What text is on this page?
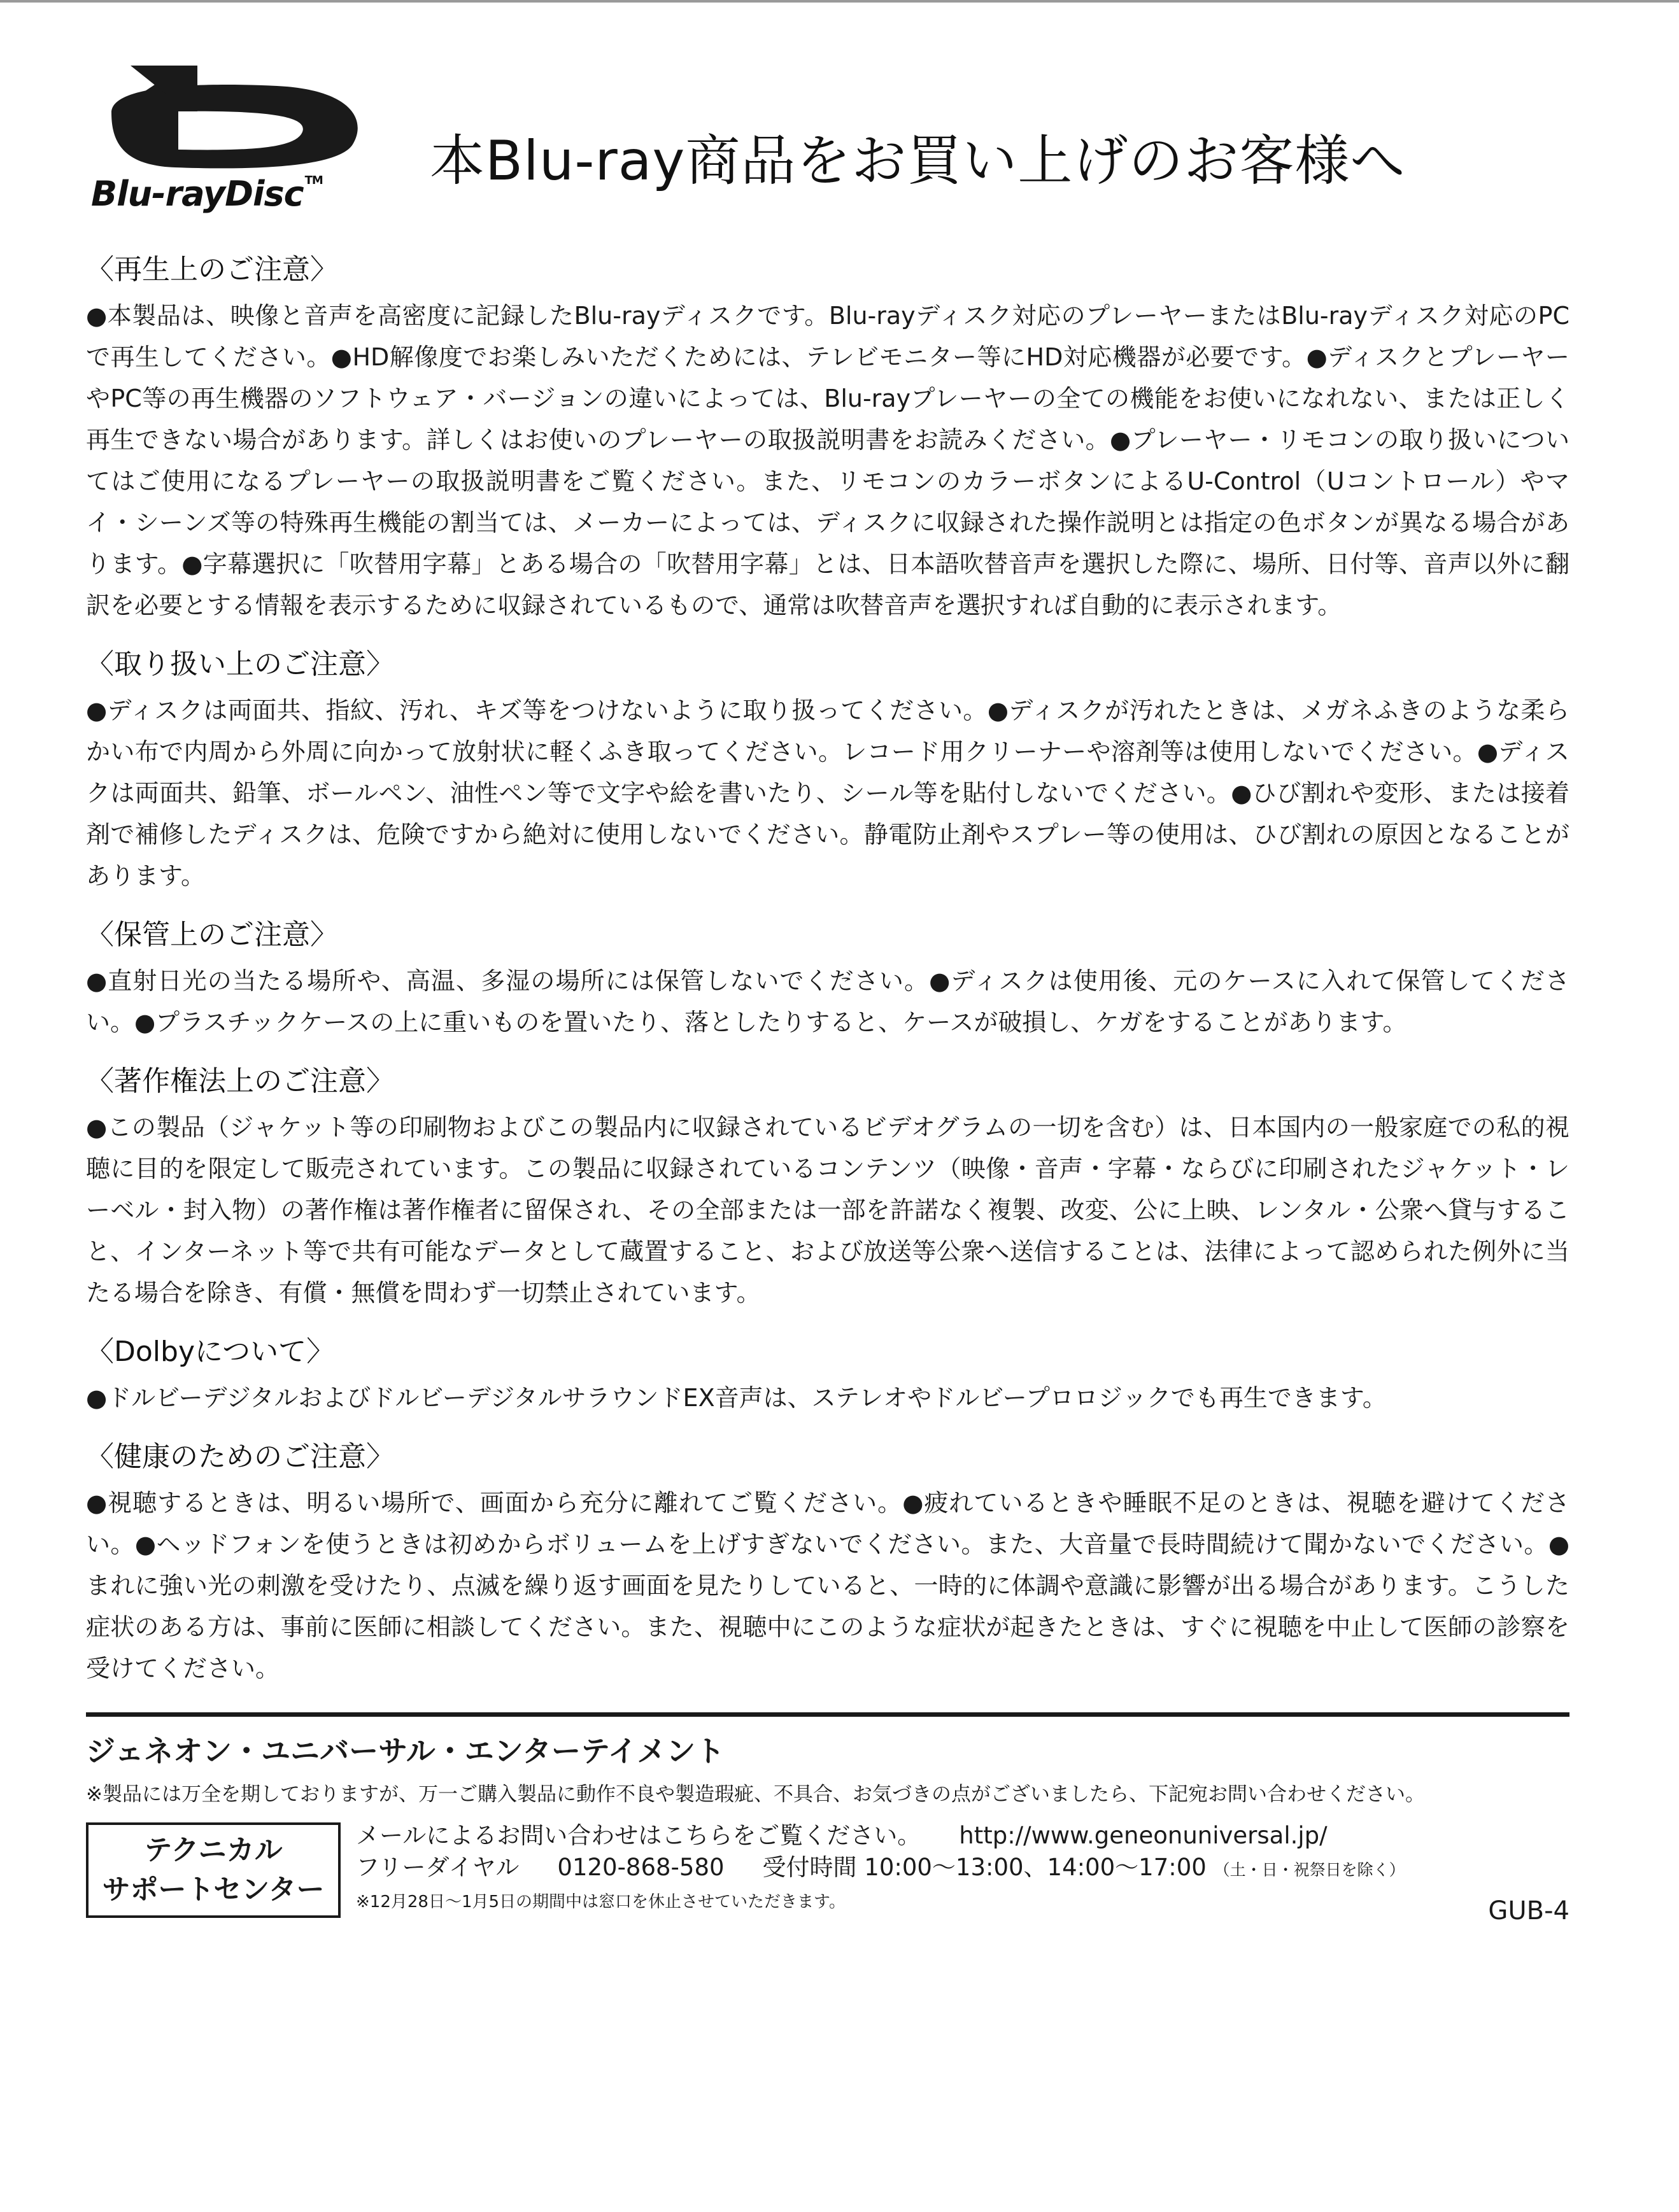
Blu-rayDisc ™ 本Blu-ray商品をお買い上げのお客様へ
〈再生上のご注意〉

●本製品は、映像と音声を高密度に記録したBlu-rayディスクです。Blu-rayディスク対応のプレーヤーまたはBlu-rayディスク対応のPCで再生してください。●HD解像度でお楽しみいただくためには、テレビモニター等にHD対応機器が必要です。●ディスクとプレーヤーやPC等の再生機器のソフトウェア・バージョンの違いによっては、Blu-rayプレーヤーの全ての機能をお使いになれない、または正しく再生できない場合があります。詳しくはお使いのプレーヤーの取扱説明書をお読みください。●プレーヤー・リモコンの取り扱いについてはご使用になるプレーヤーの取扱説明書をご覧ください。また、リモコンのカラーボタンによるU-Control（Uコントロール）やマイ・シーンズ等の特殊再生機能の割当ては、メーカーによっては、ディスクに収録された操作説明とは指定の色ボタンが異なる場合があります。●字幕選択に「吹替用字幕」とある場合の「吹替用字幕」とは、日本語吹替音声を選択した際に、場所、日付等、音声以外に翻訳を必要とする情報を表示するために収録されているもので、通常は吹替音声を選択すれば自動的に表示されます。

〈取り扱い上のご注意〉

●ディスクは両面共、指紋、汚れ、キズ等をつけないように取り扱ってください。●ディスクが汚れたときは、メガネふきのような柔らかい布で内周から外周に向かって放射状に軽くふき取ってください。レコード用クリーナーや溶剤等は使用しないでください。●ディスクは両面共、鉛筆、ボールペン、油性ペン等で文字や絵を書いたり、シール等を貼付しないでください。●ひび割れや変形、または接着剤で補修したディスクは、危険ですから絶対に使用しないでください。静電防止剤やスプレー等の使用は、ひび割れの原因となることがあります。

〈保管上のご注意〉

●直射日光の当たる場所や、高温、多湿の場所には保管しないでください。●ディスクは使用後、元のケースに入れて保管してください。●プラスチックケースの上に重いものを置いたり、落としたりすると、ケースが破損し、ケガをすることがあります。

〈著作権法上のご注意〉

●この製品（ジャケット等の印刷物およびこの製品内に収録されているビデオグラムの一切を含む）は、日本国内の一般家庭での私的視聴に目的を限定して販売されています。この製品に収録されているコンテンツ（映像・音声・字幕・ならびに印刷されたジャケット・レーベル・封入物）の著作権は著作権者に留保され、その全部または一部を許諾なく複製、改変、公に上映、レンタル・公衆へ貸与すること、インターネット等で共有可能なデータとして蔵置すること、および放送等公衆へ送信することは、法律によって認められた例外に当たる場合を除き、有償・無償を問わず一切禁止されています。

〈Dolbyについて〉

●ドルビーデジタルおよびドルビーデジタルサラウンドEX音声は、ステレオやドルビープロロジックでも再生できます。

〈健康のためのご注意〉

●視聴するときは、明るい場所で、画面から充分に離れてご覧ください。●疲れているときや睡眠不足のときは、視聴を避けてください。●ヘッドフォンを使うときは初めからボリュームを上げすぎないでください。また、大音量で長時間続けて聞かないでください。●まれに強い光の刺激を受けたり、点滅を繰り返す画面を見たりしていると、一時的に体調や意識に影響が出る場合があります。こうした症状のある方は、事前に医師に相談してください。また、視聴中にこのような症状が起きたときは、すぐに視聴を中止して医師の診察を受けてください。

ジェネオン・ユニバーサル・エンターテイメント
※製品には万全を期しておりますが、万一ご購入製品に動作不良や製造瑕疵、不具合、お気づきの点がございましたら、下記宛お問い合わせください。
テクニカル
サポートセンター
メールによるお問い合わせはこちらをご覧ください。 http://www.geneonuniversal.jp/
フリーダイヤル 0120-868-580 受付時間 10:00～13:00、14:00～17:00 （土・日・祝祭日を除く）
※12月28日～1月5日の期間中は窓口を休止させていただきます。	GUB-4
